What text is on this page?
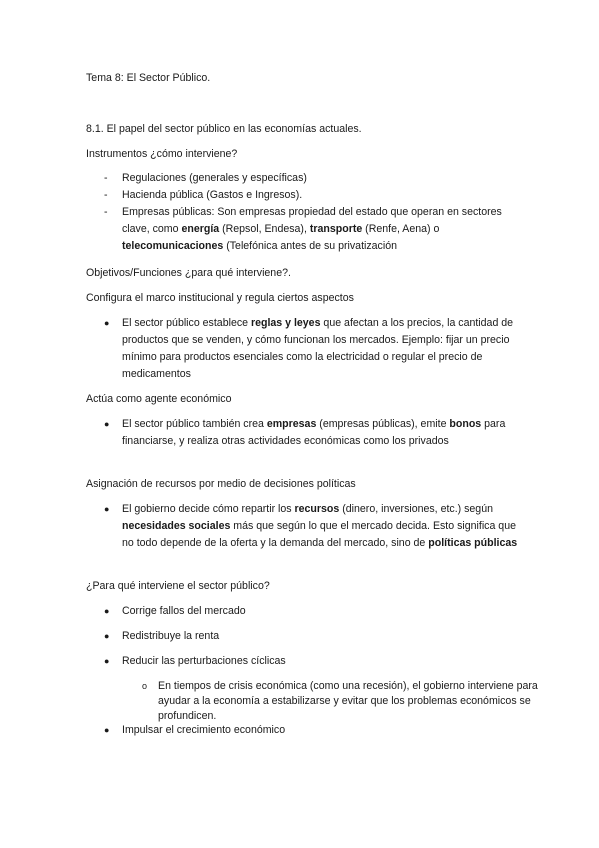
Tema 8: El Sector Público.

8.1. El papel del sector público en las economías actuales.

Instrumentos ¿cómo interviene?

- Regulaciones (generales y específicas)
- Hacienda pública (Gastos e Ingresos).
- Empresas públicas: Son empresas propiedad del estado que operan en sectores clave, como energía (Repsol, Endesa), transporte (Renfe, Aena) o telecomunicaciones (Telefónica antes de su privatización

Objetivos/Funciones ¿para qué interviene?.

Configura el marco institucional y regula ciertos aspectos

● El sector público establece reglas y leyes que afectan a los precios, la cantidad de productos que se venden, y cómo funcionan los mercados. Ejemplo: fijar un precio mínimo para productos esenciales como la electricidad o regular el precio de medicamentos

Actúa como agente económico

● El sector público también crea empresas (empresas públicas), emite bonos para financiarse, y realiza otras actividades económicas como los privados

Asignación de recursos por medio de decisiones políticas

● El gobierno decide cómo repartir los recursos (dinero, inversiones, etc.) según necesidades sociales más que según lo que el mercado decida. Esto significa que no todo depende de la oferta y la demanda del mercado, sino de políticas públicas

¿Para qué interviene el sector público?

● Corrige fallos del mercado
● Redistribuye la renta
● Reducir las perturbaciones cíclicas
o En tiempos de crisis económica (como una recesión), el gobierno interviene para ayudar a la economía a estabilizarse y evitar que los problemas económicos se profundicen.
● Impulsar el crecimiento económico
